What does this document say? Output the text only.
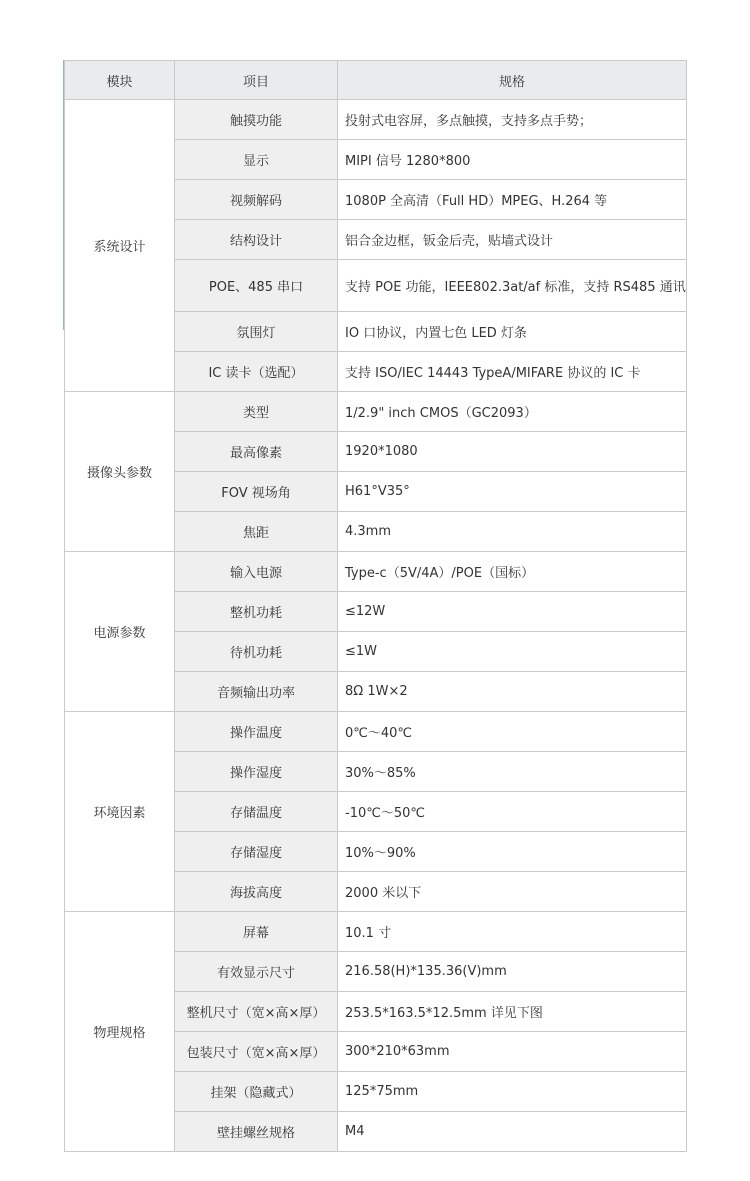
模块	项目	规格
系统设计	触摸功能	投射式电容屏，多点触摸，支持多点手势；
	显示	MIPI 信号 1280*800
	视频解码	1080P 全高清（Full HD）MPEG、H.264 等
	结构设计	铝合金边框，钣金后壳，贴墙式设计
	POE、485 串口	支持 POE 功能，IEEE802.3at/af 标准，支持 RS485 通讯
	氛围灯	IO 口协议，内置七色 LED 灯条
	IC 读卡（选配）	支持 ISO/IEC 14443 TypeA/MIFARE 协议的 IC 卡
摄像头参数	类型	1/2.9" inch CMOS（GC2093）
	最高像素	1920*1080
	FOV 视场角	H61°V35°
	焦距	4.3mm
电源参数	输入电源	Type-c（5V/4A）/POE（国标）
	整机功耗	≤12W
	待机功耗	≤1W
	音频输出功率	8Ω 1W×2
环境因素	操作温度	0℃～40℃
	操作湿度	30%～85%
	存储温度	-10℃～50℃
	存储湿度	10%～90%
	海拔高度	2000 米以下
物理规格	屏幕	10.1 寸
	有效显示尺寸	216.58(H)*135.36(V)mm
	整机尺寸（宽×高×厚）	253.5*163.5*12.5mm 详见下图
	包装尺寸（宽×高×厚）	300*210*63mm
	挂架（隐藏式）	125*75mm
	壁挂螺丝规格	M4
